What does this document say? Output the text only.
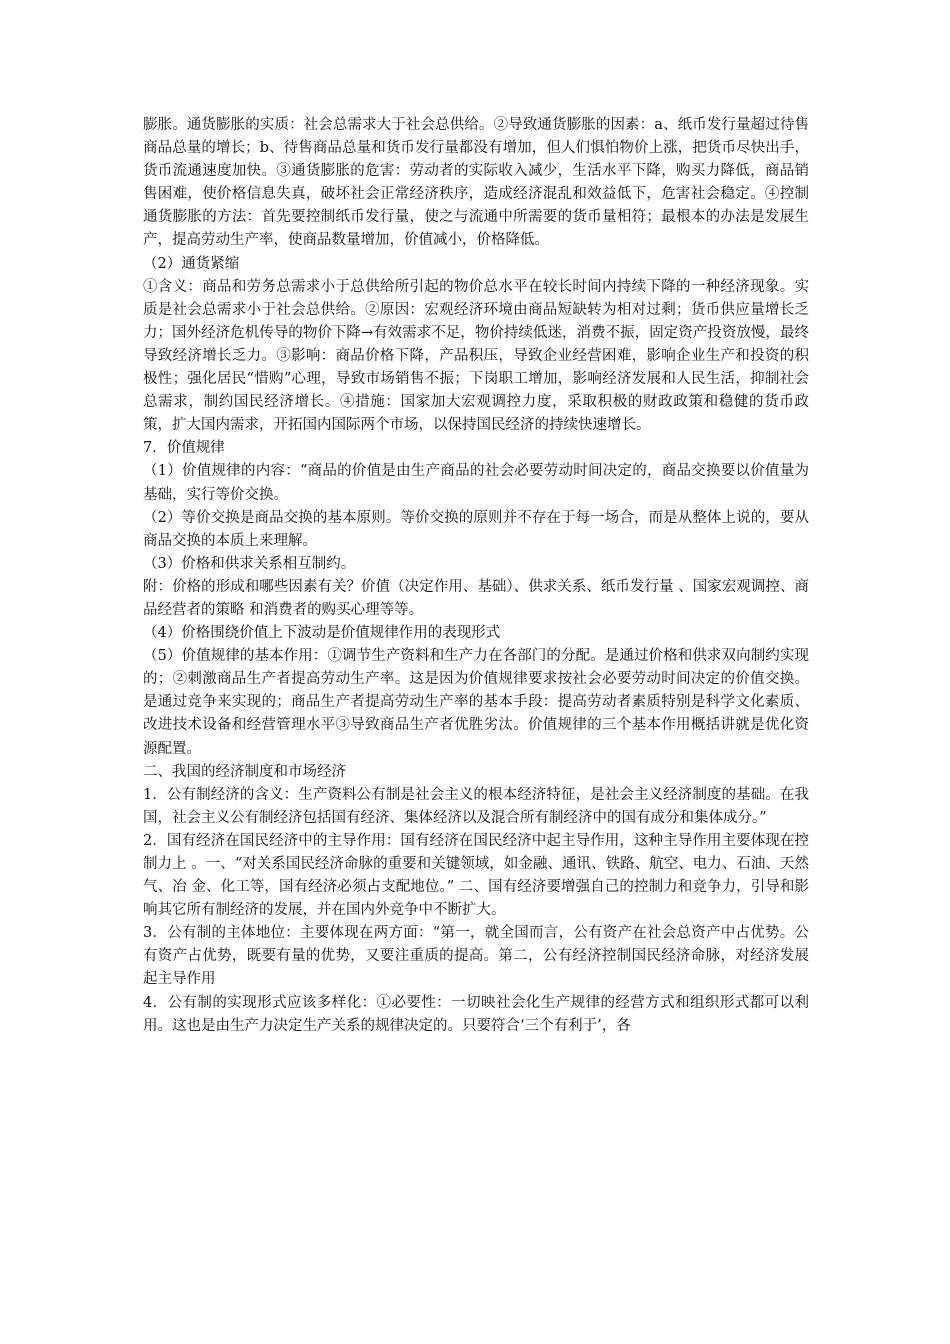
膨胀。通货膨胀的实质：社会总需求大于社会总供给。②导致通货膨胀的因素：a、纸币发行量超过待售商品总量的增长；b、待售商品总量和货币发行量都没有增加，但人们惧怕物价上涨，把货币尽快出手，货币流通速度加快。③通货膨胀的危害：劳动者的实际收入减少，生活水平下降，购买力降低，商品销售困难，使价格信息失真，破坏社会正常经济秩序，造成经济混乱和效益低下，危害社会稳定。④控制通货膨胀的方法：首先要控制纸币发行量，使之与流通中所需要的货币量相符；最根本的办法是发展生产，提高劳动生产率，使商品数量增加，价值减小，价格降低。

（2）通货紧缩

①含义：商品和劳务总需求小于总供给所引起的物价总水平在较长时间内持续下降的一种经济现象。实质是社会总需求小于社会总供给。②原因：宏观经济环境由商品短缺转为相对过剩；货币供应量增长乏力；国外经济危机传导的物价下降→有效需求不足，物价持续低迷，消费不振，固定资产投资放慢，最终导致经济增长乏力。③影响：商品价格下降，产品积压，导致企业经营困难，影响企业生产和投资的积极性；强化居民“惜购”心理，导致市场销售不振；下岗职工增加，影响经济发展和人民生活，抑制社会总需求，制约国民经济增长。④措施：国家加大宏观调控力度，采取积极的财政政策和稳健的货币政策，扩大国内需求，开拓国内国际两个市场，以保持国民经济的持续快速增长。

7．价值规律

（1）价值规律的内容：“商品的价值是由生产商品的社会必要劳动时间决定的，商品交换要以价值量为基础，实行等价交换。

（2）等价交换是商品交换的基本原则。等价交换的原则并不存在于每一场合，而是从整体上说的，要从商品交换的本质上来理解。

（3）价格和供求关系相互制约。

附：价格的形成和哪些因素有关？价值（决定作用、基础）、供求关系、纸币发行量 、国家宏观调控、商品经营者的策略 和消费者的购买心理等等。

（4）价格围绕价值上下波动是价值规律作用的表现形式

（5）价值规律的基本作用：①调节生产资料和生产力在各部门的分配。是通过价格和供求双向制约实现的；②刺激商品生产者提高劳动生产率。这是因为价值规律要求按社会必要劳动时间决定的价值交换。是通过竞争来实现的；商品生产者提高劳动生产率的基本手段：提高劳动者素质特别是科学文化素质、改进技术设备和经营管理水平③导致商品生产者优胜劣汰。价值规律的三个基本作用概括讲就是优化资源配置。

二、我国的经济制度和市场经济

1．公有制经济的含义：生产资料公有制是社会主义的根本经济特征，是社会主义经济制度的基础。在我国，社会主义公有制经济包括国有经济、集体经济以及混合所有制经济中的国有成分和集体成分。”

2．国有经济在国民经济中的主导作用：国有经济在国民经济中起主导作用，这种主导作用主要体现在控制力上 。一、“对关系国民经济命脉的重要和关键领域，如金融、通讯、铁路、航空、电力、石油、天然气、冶 金、化工等，国有经济必须占支配地位。” 二、国有经济要增强自己的控制力和竞争力，引导和影响其它所有制经济的发展，并在国内外竞争中不断扩大。

3．公有制的主体地位：主要体现在两方面：“第一，就全国而言，公有资产在社会总资产中占优势。公有资产占优势，既要有量的优势，又要注重质的提高。第二，公有经济控制国民经济命脉，对经济发展起主导作用

4．公有制的实现形式应该多样化：①必要性：一切映社会化生产规律的经营方式和组织形式都可以利用。这也是由生产力决定生产关系的规律决定的。只要符合‘三个有利于’，各
